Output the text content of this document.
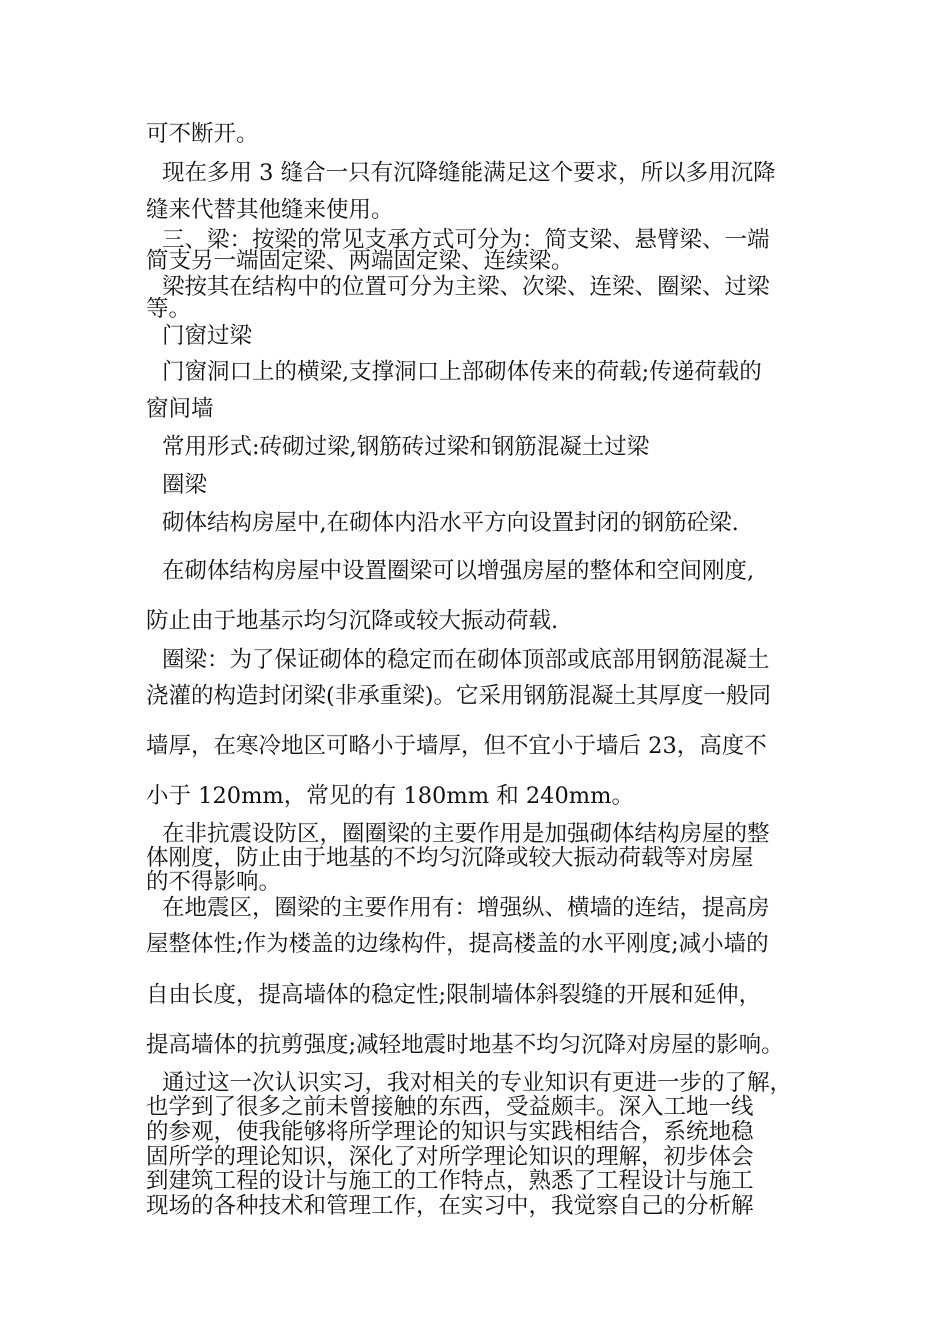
可不断开。
现在多用 3 缝合一只有沉降缝能满足这个要求，所以多用沉降
缝来代替其他缝来使用。
三、梁：按梁的常见支承方式可分为：简支梁、悬臂梁、一端
简支另一端固定梁、两端固定梁、连续梁。
梁按其在结构中的位置可分为主梁、次梁、连梁、圈梁、过梁
等。
门窗过梁
门窗洞口上的横梁,支撑洞口上部砌体传来的荷载;传递荷载的
窗间墙
常用形式:砖砌过梁,钢筋砖过梁和钢筋混凝土过梁
圈梁
砌体结构房屋中,在砌体内沿水平方向设置封闭的钢筋砼梁.
在砌体结构房屋中设置圈梁可以增强房屋的整体和空间刚度,
防止由于地基示均匀沉降或较大振动荷载.
圈梁：为了保证砌体的稳定而在砌体顶部或底部用钢筋混凝土
浇灌的构造封闭梁(非承重梁)。它采用钢筋混凝土其厚度一般同
墙厚，在寒冷地区可略小于墙厚，但不宜小于墙后 23，高度不
小于 120mm，常见的有 180mm 和 240mm。
在非抗震设防区，圈圈梁的主要作用是加强砌体结构房屋的整
体刚度，防止由于地基的不均匀沉降或较大振动荷载等对房屋
的不得影响。
在地震区，圈梁的主要作用有：增强纵、横墙的连结，提高房
屋整体性;作为楼盖的边缘构件，提高楼盖的水平刚度;减小墙的
自由长度，提高墙体的稳定性;限制墙体斜裂缝的开展和延伸，
提高墙体的抗剪强度;减轻地震时地基不均匀沉降对房屋的影响。
通过这一次认识实习，我对相关的专业知识有更进一步的了解，
也学到了很多之前未曾接触的东西，受益颇丰。深入工地一线
的参观，使我能够将所学理论的知识与实践相结合，系统地稳
固所学的理论知识，深化了对所学理论知识的理解，初步体会
到建筑工程的设计与施工的工作特点，熟悉了工程设计与施工
现场的各种技术和管理工作，在实习中，我觉察自己的分析解
